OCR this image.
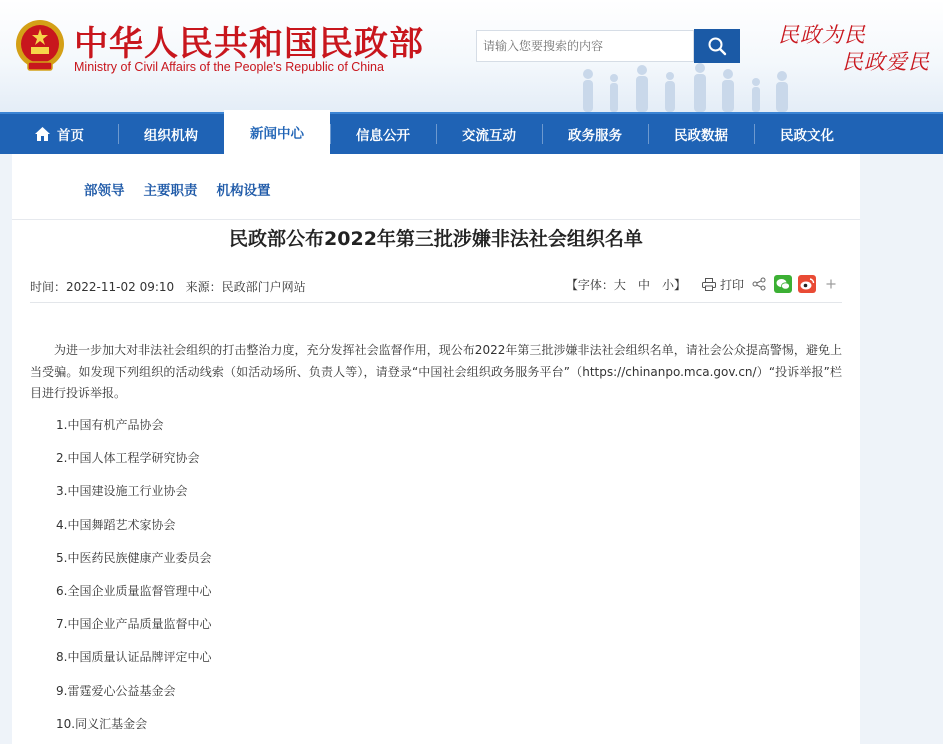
中华人民共和国民政部
Ministry of Civil Affairs of the People's Republic of China
请输入您要搜索的内容
民政为民
民政爱民
首页	组织机构	新闻中心	信息公开	交流互动	政务服务	民政数据	民政文化
部领导 主要职责 机构设置
民政部公布2022年第三批涉嫌非法社会组织名单
时间：2022-11-02 09:10 来源：民政部门户网站	【字体：大 中 小】	打印

为进一步加大对非法社会组织的打击整治力度，充分发挥社会监督作用，现公布2022年第三批涉嫌非法社会组织名单，请社会公众提高警惕，避免上当受骗。如发现下列组织的活动线索（如活动场所、负责人等），请登录“中国社会组织政务服务平台”（https://chinanpo.mca.gov.cn/）“投诉举报”栏目进行投诉举报。

1.中国有机产品协会
2.中国人体工程学研究协会
3.中国建设施工行业协会
4.中国舞蹈艺术家协会
5.中医药民族健康产业委员会
6.全国企业质量监督管理中心
7.中国企业产品质量监督中心
8.中国质量认证品牌评定中心
9.雷霆爱心公益基金会
10.同义汇基金会
